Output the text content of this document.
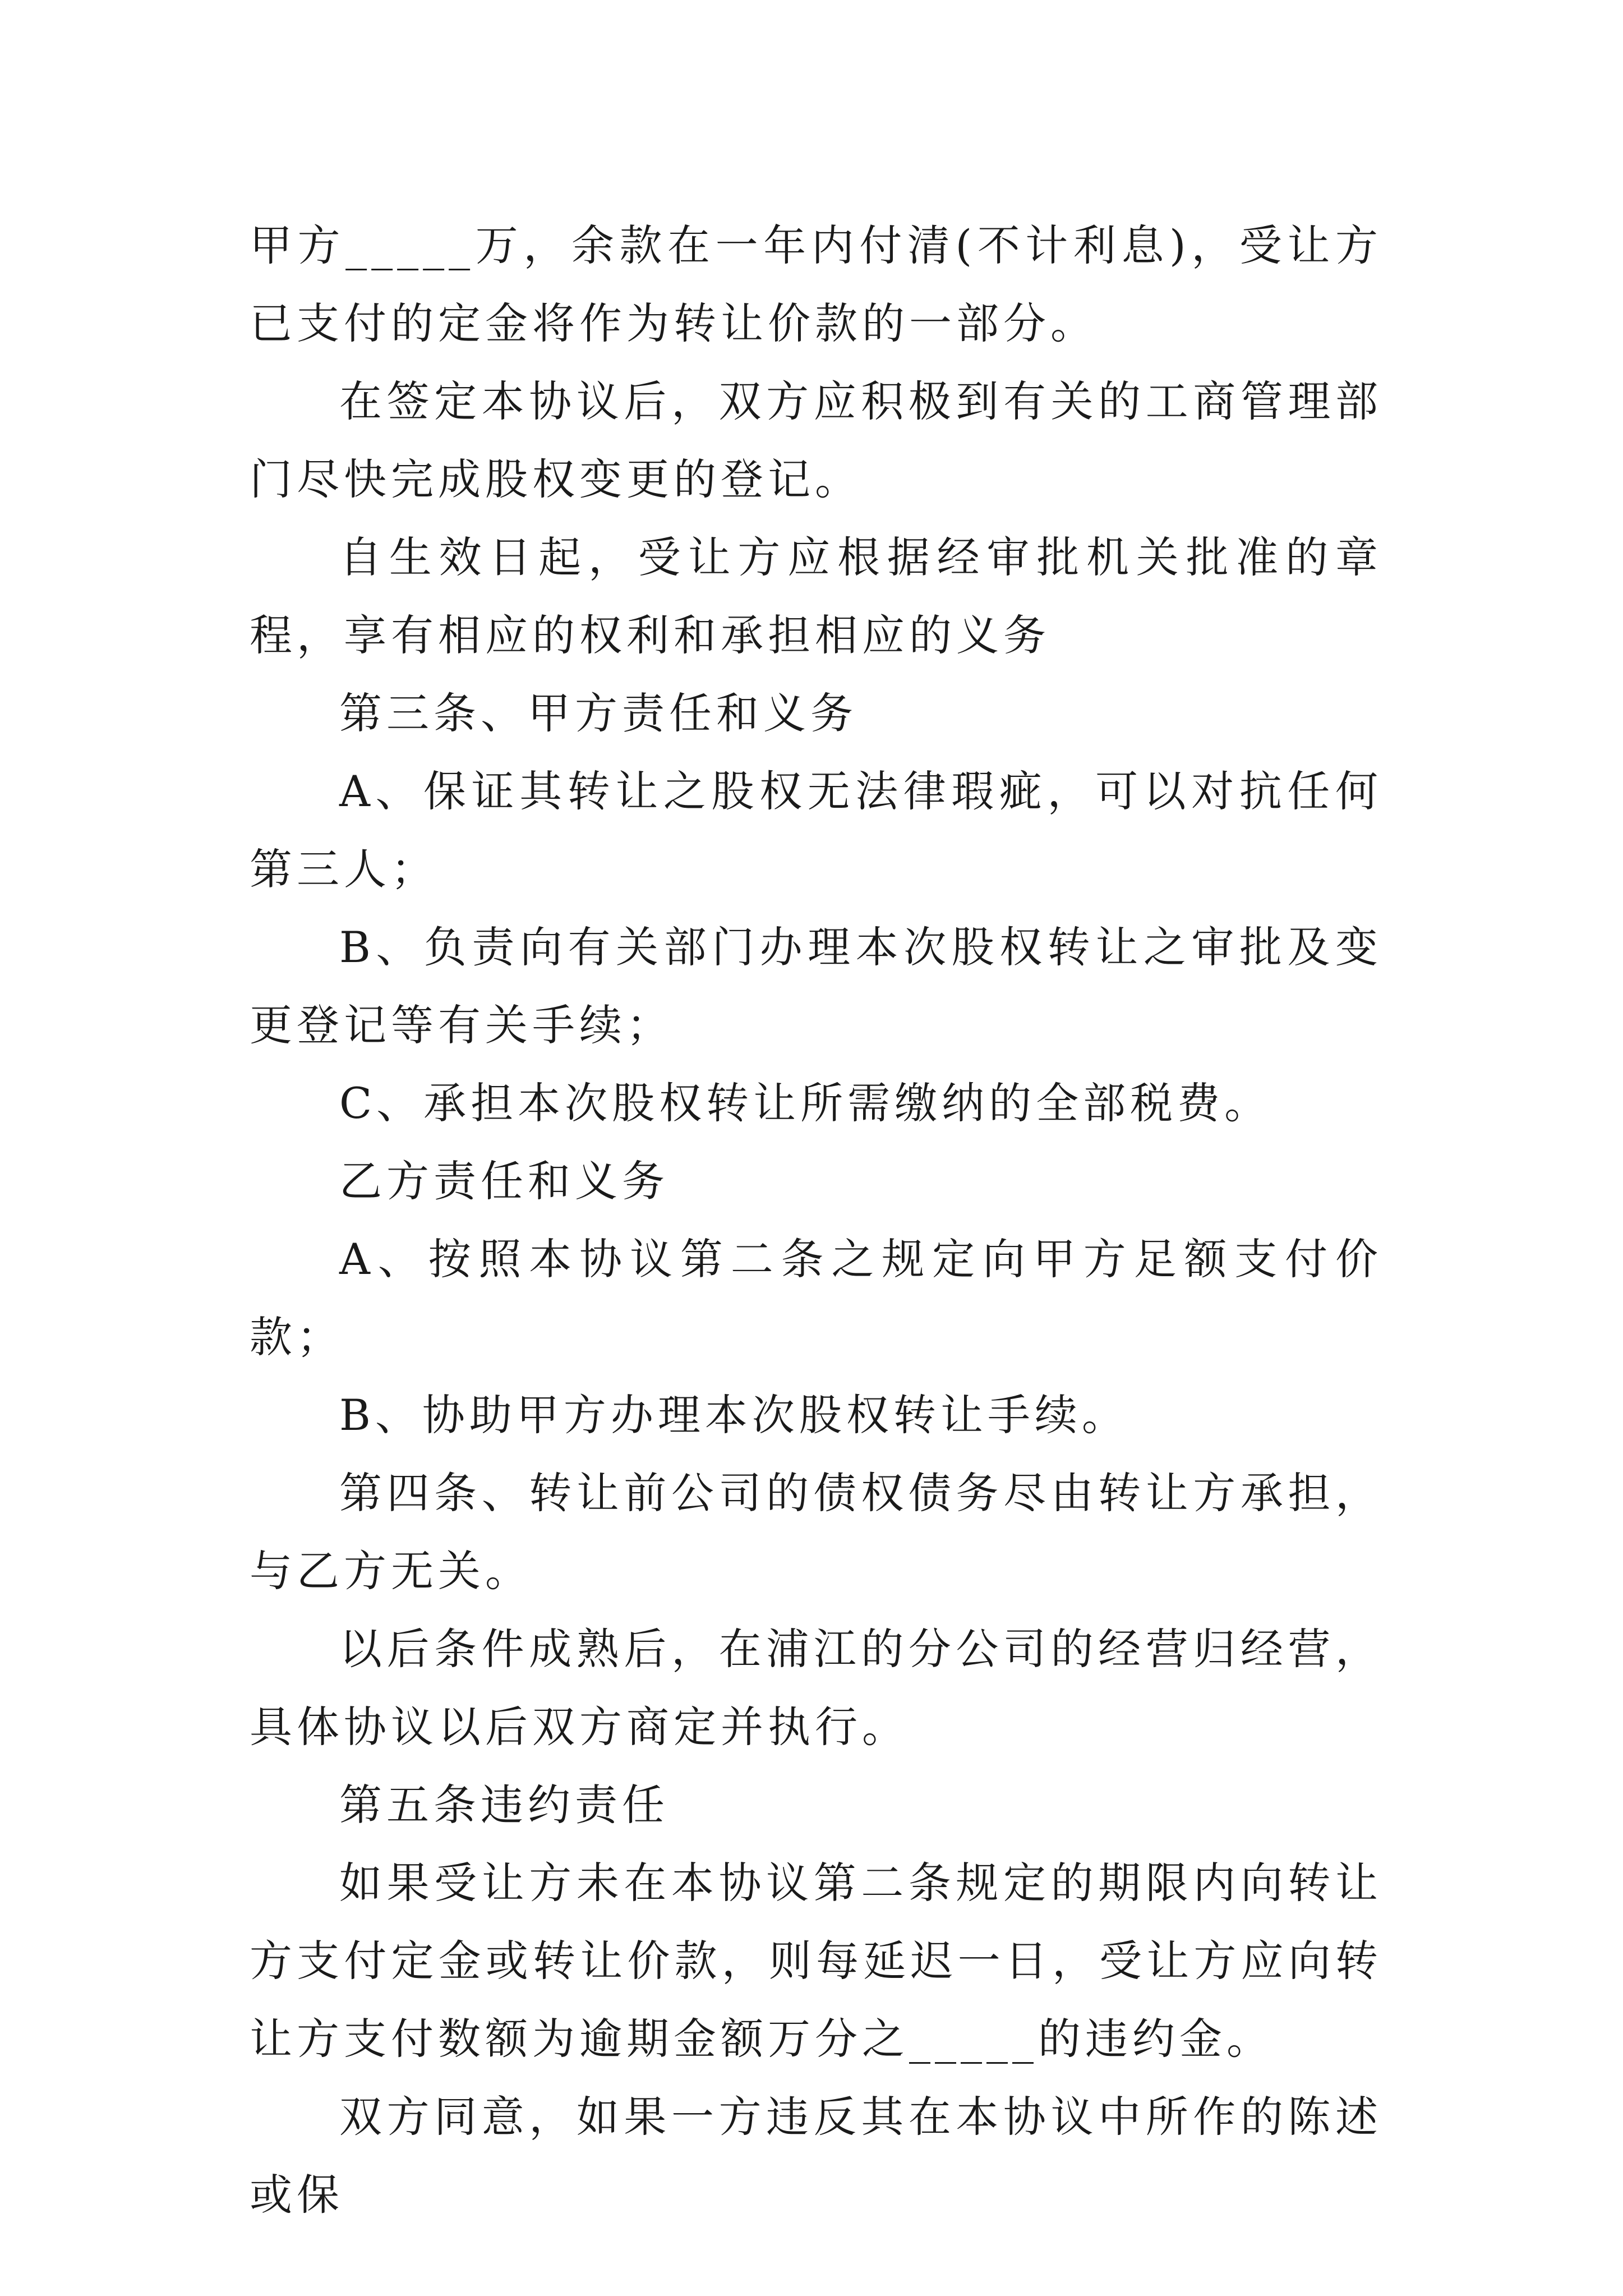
甲方_____万，余款在一年内付清(不计利息)，受让方已支付的定金将作为转让价款的一部分。

在签定本协议后，双方应积极到有关的工商管理部门尽快完成股权变更的登记。

自生效日起，受让方应根据经审批机关批准的章程，享有相应的权利和承担相应的义务

第三条、甲方责任和义务

A、保证其转让之股权无法律瑕疵，可以对抗任何第三人；

B、负责向有关部门办理本次股权转让之审批及变更登记等有关手续；

C、承担本次股权转让所需缴纳的全部税费。

乙方责任和义务

A、按照本协议第二条之规定向甲方足额支付价款；

B、协助甲方办理本次股权转让手续。

第四条、转让前公司的债权债务尽由转让方承担，与乙方无关。

以后条件成熟后，在浦江的分公司的经营归经营，具体协议以后双方商定并执行。

第五条违约责任

如果受让方未在本协议第二条规定的期限内向转让方支付定金或转让价款，则每延迟一日，受让方应向转让方支付数额为逾期金额万分之_____的违约金。

双方同意，如果一方违反其在本协议中所作的陈述或保
